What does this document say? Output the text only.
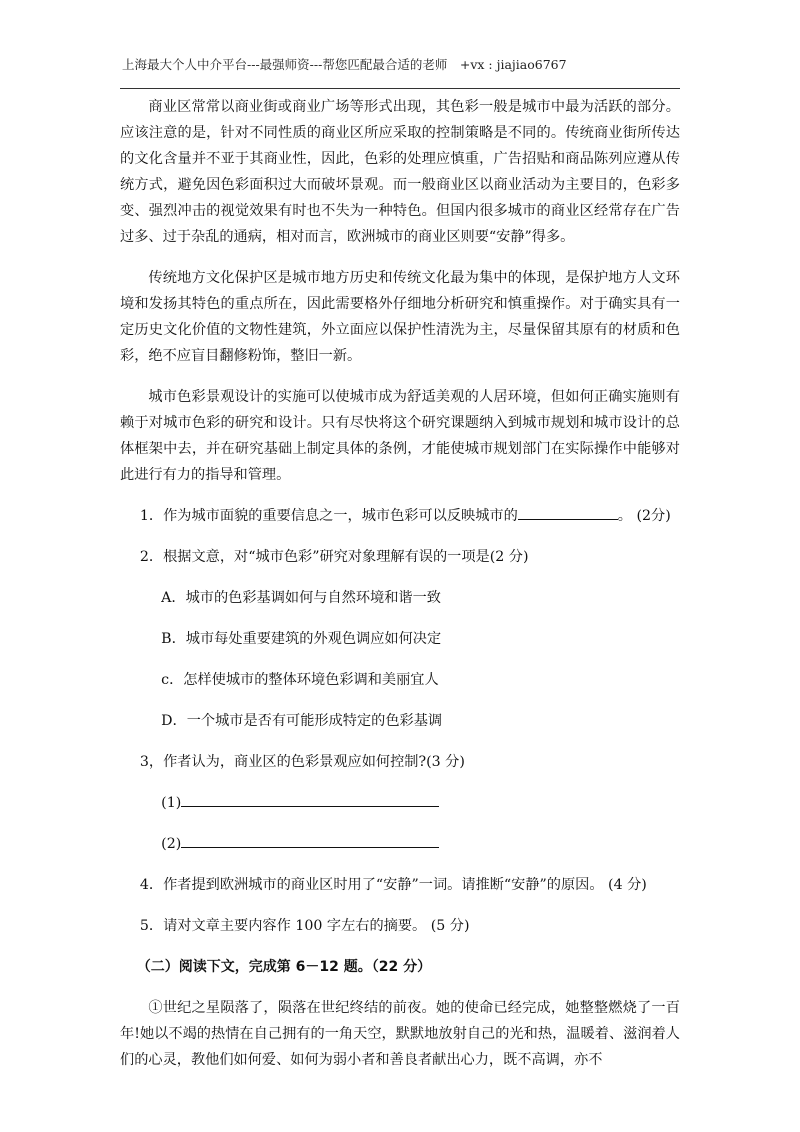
上海最大个人中介平台---最强师资---帮您匹配最合适的老师　+vx : jiajiao6767

商业区常常以商业街或商业广场等形式出现，其色彩一般是城市中最为活跃的部分。应该注意的是，针对不同性质的商业区所应采取的控制策略是不同的。传统商业街所传达的文化含量并不亚于其商业性，因此，色彩的处理应慎重，广告招贴和商品陈列应遵从传统方式，避免因色彩面积过大而破坏景观。而一般商业区以商业活动为主要目的，色彩多变、强烈冲击的视觉效果有时也不失为一种特色。但国内很多城市的商业区经常存在广告过多、过于杂乱的通病，相对而言，欧洲城市的商业区则要“安静”得多。

传统地方文化保护区是城市地方历史和传统文化最为集中的体现，是保护地方人文环境和发扬其特色的重点所在，因此需要格外仔细地分析研究和慎重操作。对于确实具有一定历史文化价值的文物性建筑，外立面应以保护性清洗为主，尽量保留其原有的材质和色彩，绝不应盲目翻修粉饰，整旧一新。

城市色彩景观设计的实施可以使城市成为舒适美观的人居环境，但如何正确实施则有赖于对城市色彩的研究和设计。只有尽快将这个研究课题纳入到城市规划和城市设计的总体框架中去，并在研究基础上制定具体的条例，才能使城市规划部门在实际操作中能够对此进行有力的指导和管理。

1．作为城市面貌的重要信息之一，城市色彩可以反映城市的	。 (2分)

2．根据文意，对“城市色彩”研究对象理解有误的一项是(2 分)

A．城市的色彩基调如何与自然环境和谐一致

B．城市每处重要建筑的外观色调应如何决定

c．怎样使城市的整体环境色彩调和美丽宜人

D．一个城市是否有可能形成特定的色彩基调

3，作者认为，商业区的色彩景观应如何控制?(3 分)

(1)

(2)

4．作者提到欧洲城市的商业区时用了“安静”一词。请推断“安静”的原因。 (4 分)

5．请对文章主要内容作 100 字左右的摘要。 (5 分)

（二）阅读下文，完成第 6－12 题。（22 分）

①世纪之星陨落了，陨落在世纪终结的前夜。她的使命已经完成，她整整燃烧了一百年!她以不竭的热情在自己拥有的一角天空，默默地放射自己的光和热，温暖着、滋润着人们的心灵，教他们如何爱、如何为弱小者和善良者献出心力，既不高调，亦不
